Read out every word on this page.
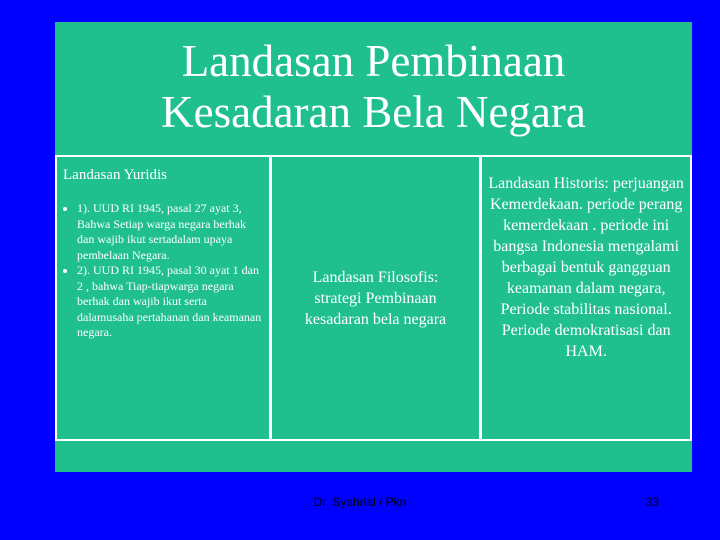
Landasan Pembinaan
Kesadaran Bela Negara
Landasan Yuridis
• 1). UUD RI 1945, pasal 27 ayat 3, Bahwa Setiap warga negara berhak dan wajib ikut sertadalam upaya pembelaan Negara.
• 2). UUD RI 1945, pasal 30 ayat 1 dan 2 , bahwa Tiap-tiapwarga negara berhak dan wajib ikut serta dalamusaha pertahanan dan keamanan negara.
Landasan Filosofis:
strategi Pembinaan
kesadaran bela negara
Landasan Historis: perjuangan Kemerdekaan. periode perang kemerdekaan . periode ini bangsa Indonesia mengalami berbagai bentuk gangguan keamanan dalam negara, Periode stabilitas nasional. Periode demokratisasi dan HAM.
Dr. Syahrial / Pkn	33
